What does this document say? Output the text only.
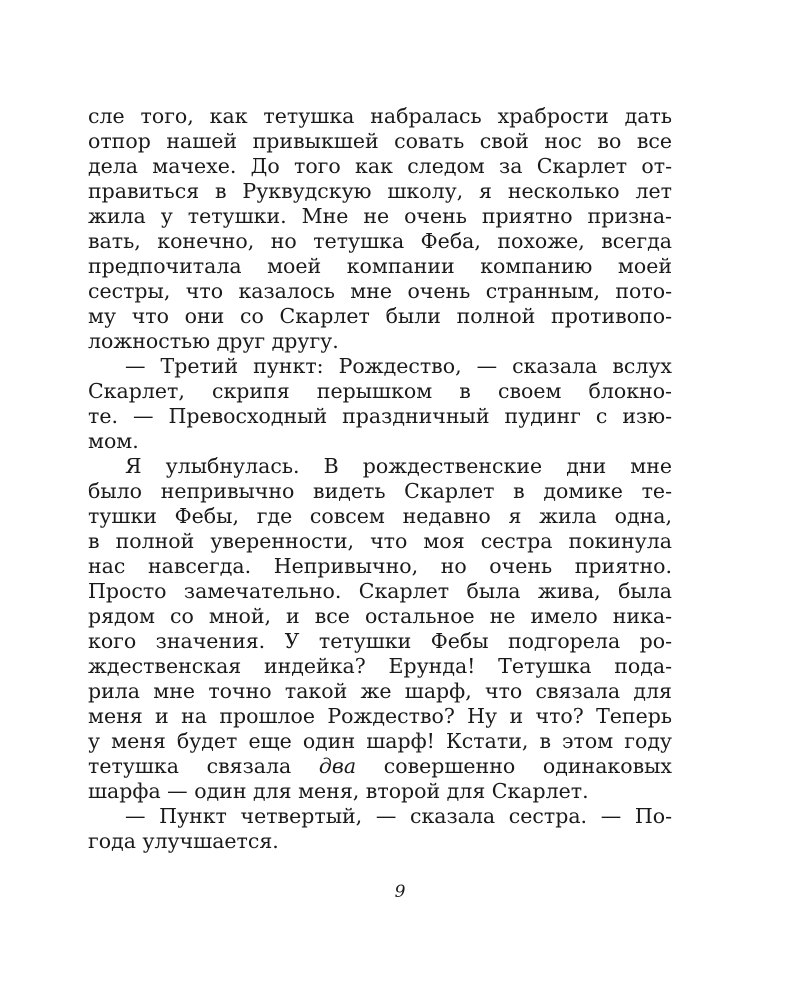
сле того, как тетушка набралась храбрости дать
отпор нашей привыкшей совать свой нос во все
дела мачехе. До того как следом за Скарлет от-
правиться в Руквудскую школу, я несколько лет
жила у тетушки. Мне не очень приятно призна-
вать, конечно, но тетушка Феба, похоже, всегда
предпочитала моей компании компанию моей
сестры, что казалось мне очень странным, пото-
му что они со Скарлет были полной противопо-
ложностью друг другу.
— Третий пункт: Рождество, — сказала вслух
Скарлет, скрипя перышком в своем блокно-
те. — Превосходный праздничный пудинг с изю-
мом.
Я улыбнулась. В рождественские дни мне
было непривычно видеть Скарлет в домике те-
тушки Фебы, где совсем недавно я жила одна,
в полной уверенности, что моя сестра покинула
нас навсегда. Непривычно, но очень приятно.
Просто замечательно. Скарлет была жива, была
рядом со мной, и все остальное не имело ника-
кого значения. У тетушки Фебы подгорела ро-
ждественская индейка? Ерунда! Тетушка пода-
рила мне точно такой же шарф, что связала для
меня и на прошлое Рождество? Ну и что? Теперь
у меня будет еще один шарф! Кстати, в этом году
тетушка связала два совершенно одинаковых
шарфа — один для меня, второй для Скарлет.
— Пункт четвертый, — сказала сестра. — По-
года улучшается.
9
